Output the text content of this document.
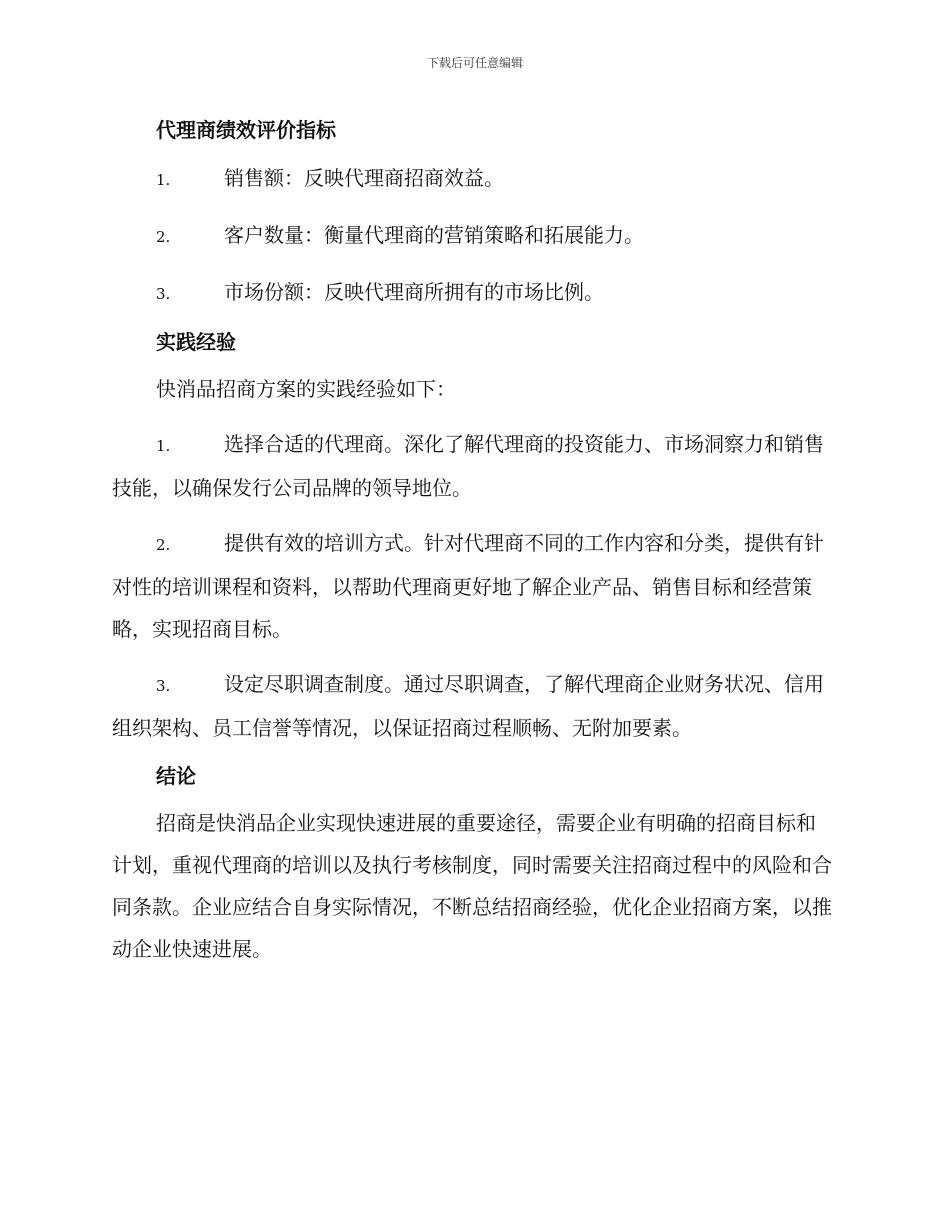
下载后可任意编辑
代理商绩效评价指标

1.	销售额：反映代理商招商效益。

2.	客户数量：衡量代理商的营销策略和拓展能力。

3.	市场份额：反映代理商所拥有的市场比例。

实践经验

快消品招商方案的实践经验如下：

1.	选择合适的代理商。深化了解代理商的投资能力、市场洞察力和销售技能，以确保发行公司品牌的领导地位。

2.	提供有效的培训方式。针对代理商不同的工作内容和分类，提供有针对性的培训课程和资料，以帮助代理商更好地了解企业产品、销售目标和经营策略，实现招商目标。

3.	设定尽职调查制度。通过尽职调查，了解代理商企业财务状况、信用组织架构、员工信誉等情况，以保证招商过程顺畅、无附加要素。

结论

招商是快消品企业实现快速进展的重要途径，需要企业有明确的招商目标和计划，重视代理商的培训以及执行考核制度，同时需要关注招商过程中的风险和合同条款。企业应结合自身实际情况，不断总结招商经验，优化企业招商方案，以推动企业快速进展。
